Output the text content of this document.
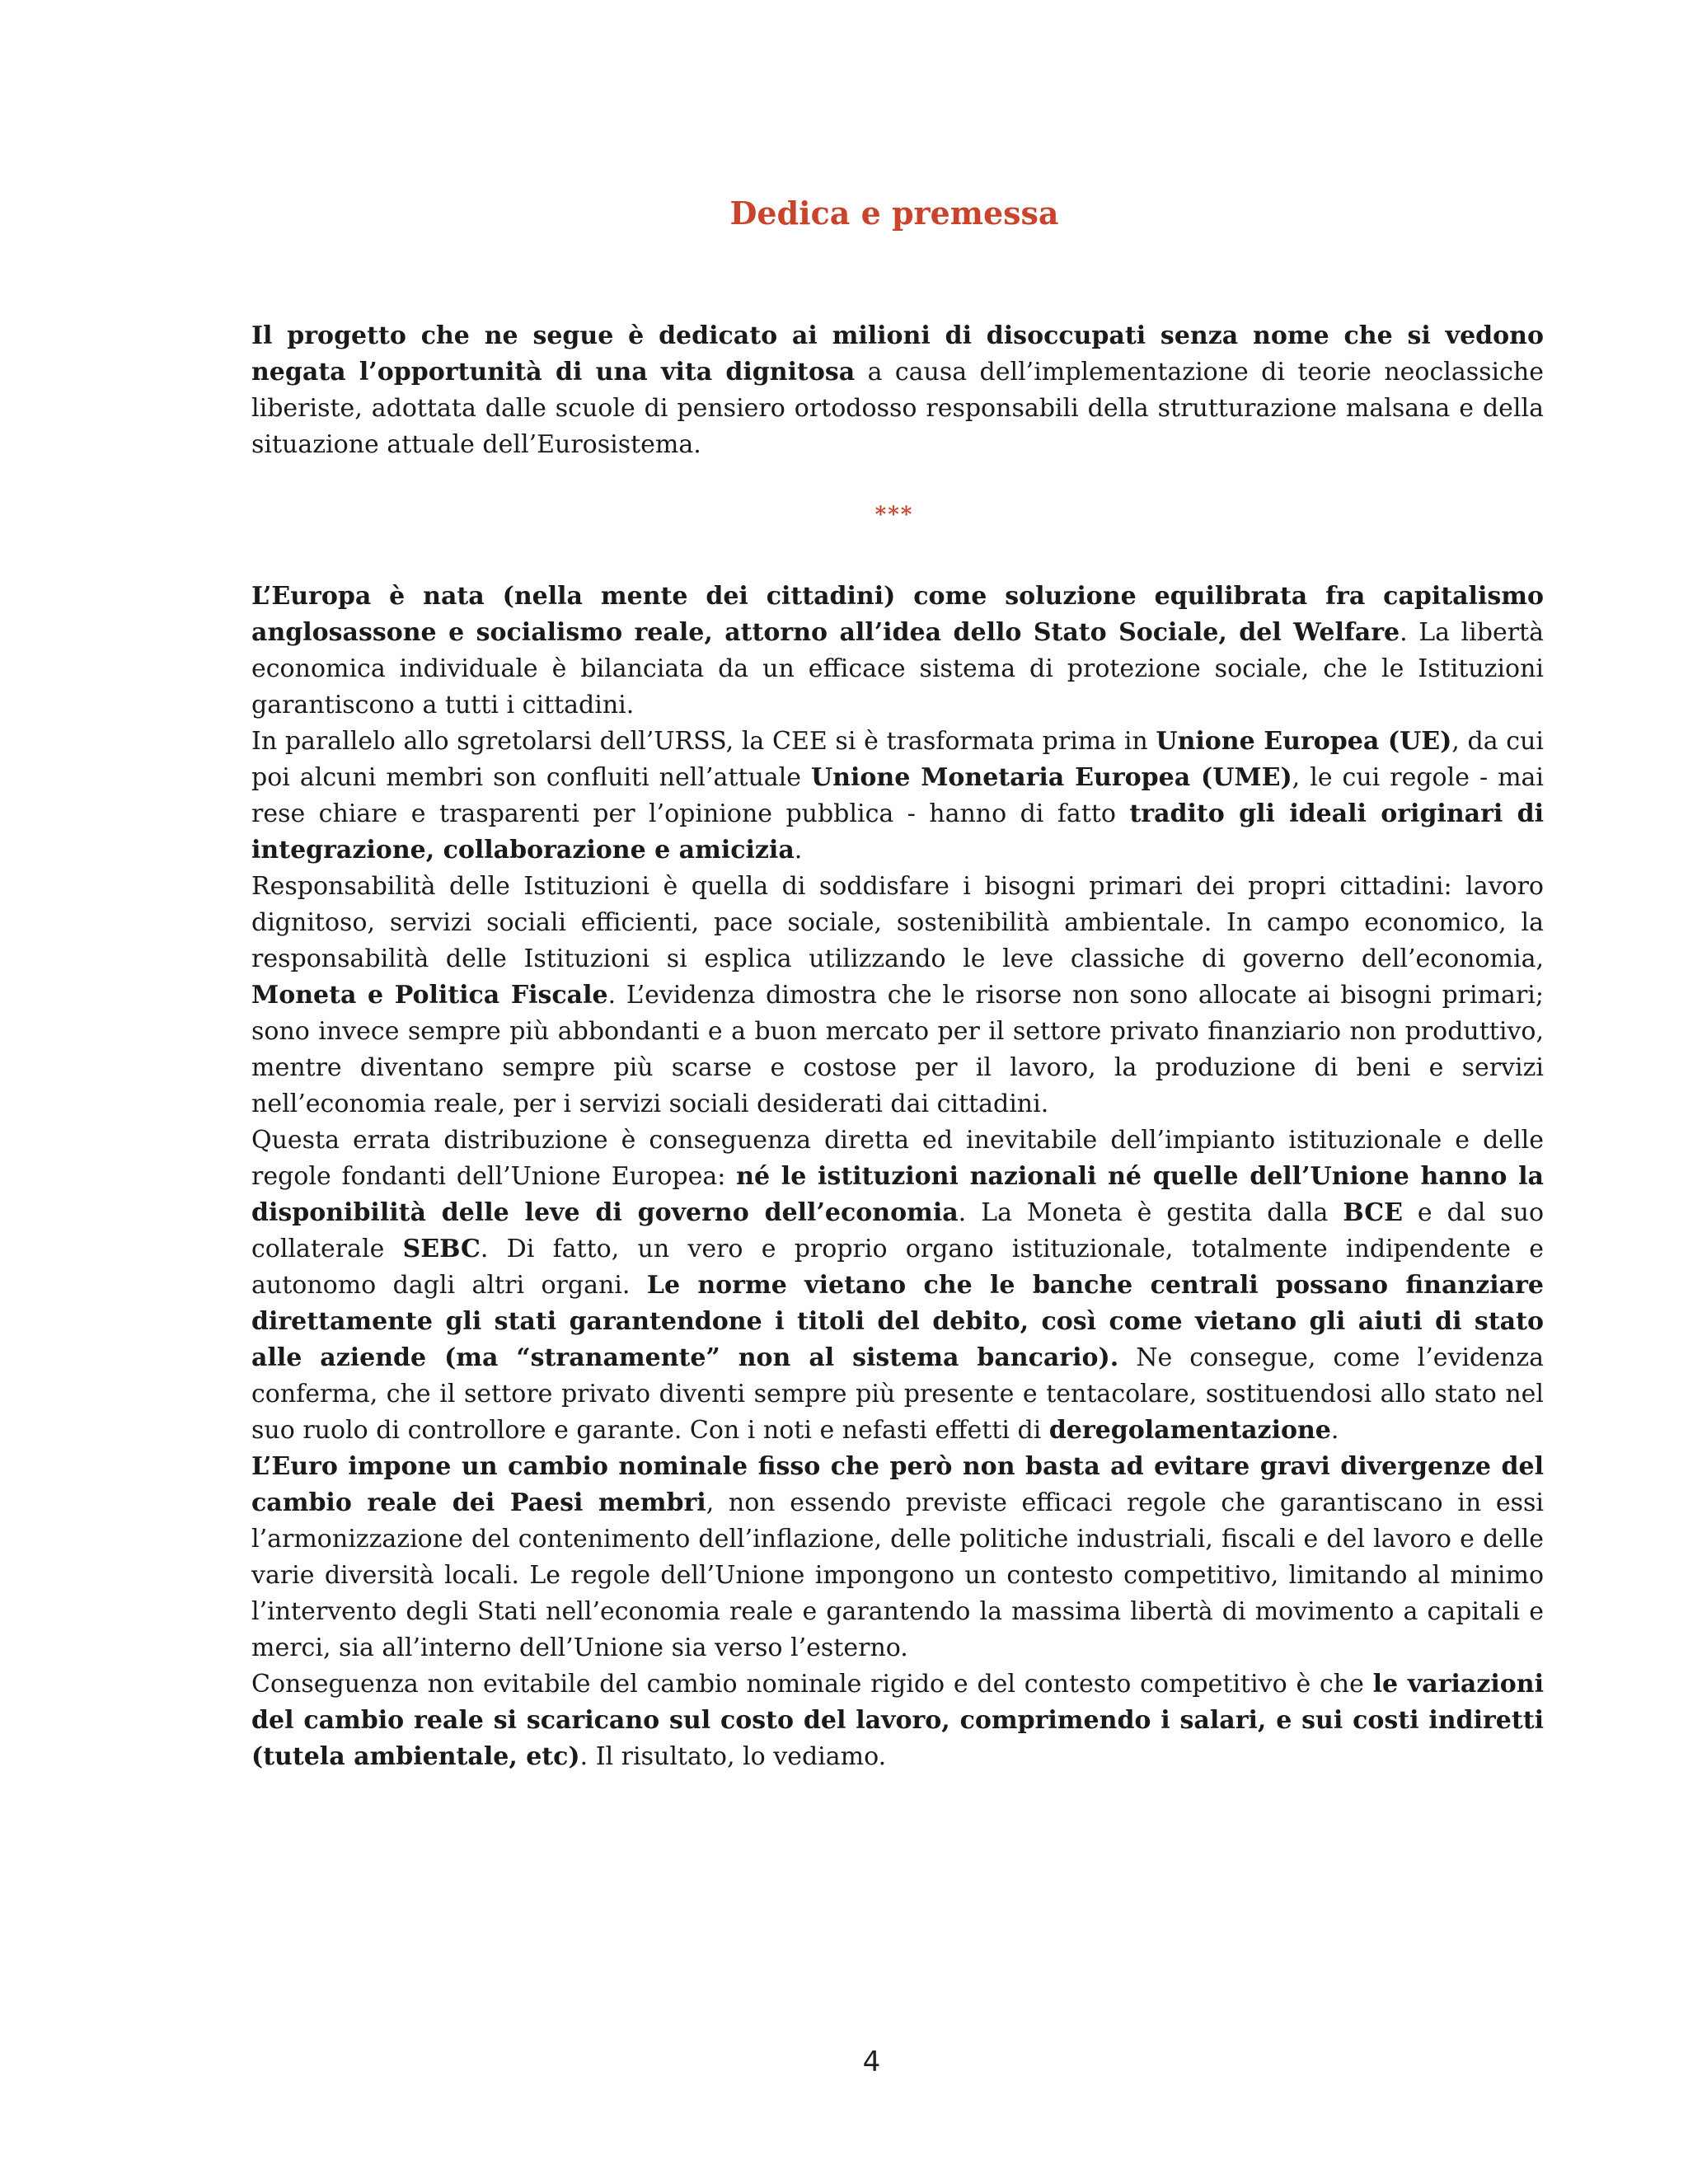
Dedica e premessa

Il progetto che ne segue è dedicato ai milioni di disoccupati senza nome che si vedono negata l’opportunità di una vita dignitosa a causa dell’implementazione di teorie neoclassiche liberiste, adottata dalle scuole di pensiero ortodosso responsabili della strutturazione malsana e della situazione attuale dell’Eurosistema.

***

L’Europa è nata (nella mente dei cittadini) come soluzione equilibrata fra capitalismo anglosassone e socialismo reale, attorno all’idea dello Stato Sociale, del Welfare. La libertà economica individuale è bilanciata da un efficace sistema di protezione sociale, che le Istituzioni garantiscono a tutti i cittadini.

In parallelo allo sgretolarsi dell’URSS, la CEE si è trasformata prima in Unione Europea (UE), da cui poi alcuni membri son confluiti nell’attuale Unione Monetaria Europea (UME), le cui regole - mai rese chiare e trasparenti per l’opinione pubblica - hanno di fatto tradito gli ideali originari di integrazione, collaborazione e amicizia.

Responsabilità delle Istituzioni è quella di soddisfare i bisogni primari dei propri cittadini: lavoro dignitoso, servizi sociali efficienti, pace sociale, sostenibilità ambientale. In campo economico, la responsabilità delle Istituzioni si esplica utilizzando le leve classiche di governo dell’economia, Moneta e Politica Fiscale. L’evidenza dimostra che le risorse non sono allocate ai bisogni primari; sono invece sempre più abbondanti e a buon mercato per il settore privato finanziario non produttivo, mentre diventano sempre più scarse e costose per il lavoro, la produzione di beni e servizi nell’economia reale, per i servizi sociali desiderati dai cittadini.

Questa errata distribuzione è conseguenza diretta ed inevitabile dell’impianto istituzionale e delle regole fondanti dell’Unione Europea: né le istituzioni nazionali né quelle dell’Unione hanno la disponibilità delle leve di governo dell’economia. La Moneta è gestita dalla BCE e dal suo collaterale SEBC. Di fatto, un vero e proprio organo istituzionale, totalmente indipendente e autonomo dagli altri organi. Le norme vietano che le banche centrali possano finanziare direttamente gli stati garantendone i titoli del debito, così come vietano gli aiuti di stato alle aziende (ma “stranamente” non al sistema bancario). Ne consegue, come l’evidenza conferma, che il settore privato diventi sempre più presente e tentacolare, sostituendosi allo stato nel suo ruolo di controllore e garante. Con i noti e nefasti effetti di deregolamentazione.

L’Euro impone un cambio nominale fisso che però non basta ad evitare gravi divergenze del cambio reale dei Paesi membri, non essendo previste efficaci regole che garantiscano in essi l’armonizzazione del contenimento dell’inflazione, delle politiche industriali, fiscali e del lavoro e delle varie diversità locali. Le regole dell’Unione impongono un contesto competitivo, limitando al minimo l’intervento degli Stati nell’economia reale e garantendo la massima libertà di movimento a capitali e merci, sia all’interno dell’Unione sia verso l’esterno.

Conseguenza non evitabile del cambio nominale rigido e del contesto competitivo è che le variazioni del cambio reale si scaricano sul costo del lavoro, comprimendo i salari, e sui costi indiretti (tutela ambientale, etc). Il risultato, lo vediamo.

4
